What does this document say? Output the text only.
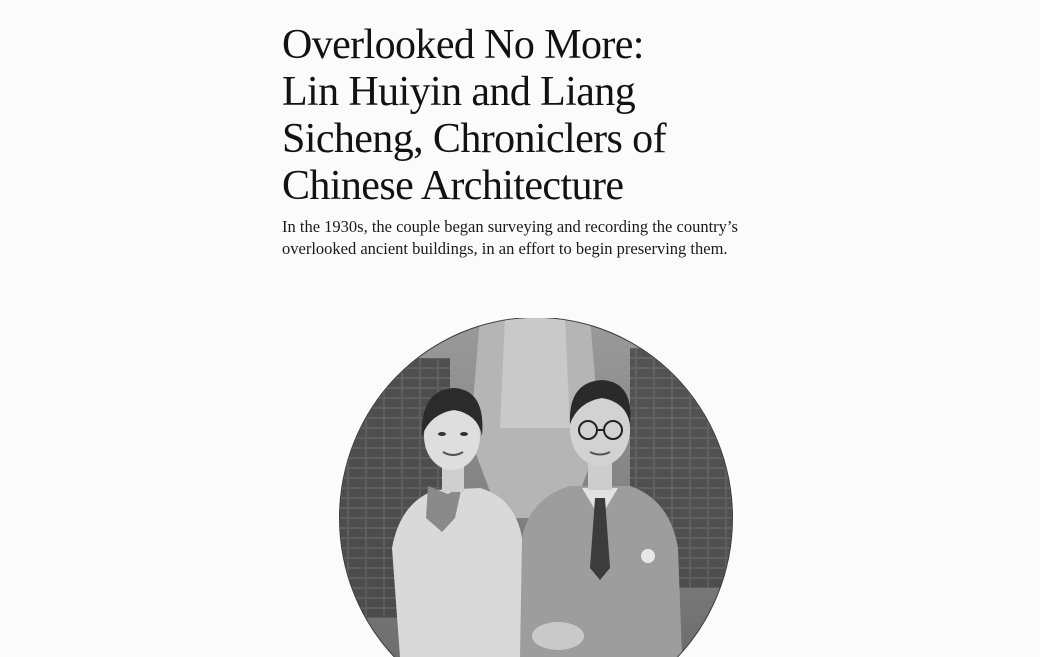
Overlooked No More:
Lin Huiyin and Liang
Sicheng, Chroniclers of
Chinese Architecture

In the 1930s, the couple began surveying and recording the country’s
overlooked ancient buildings, in an effort to begin preserving them.
